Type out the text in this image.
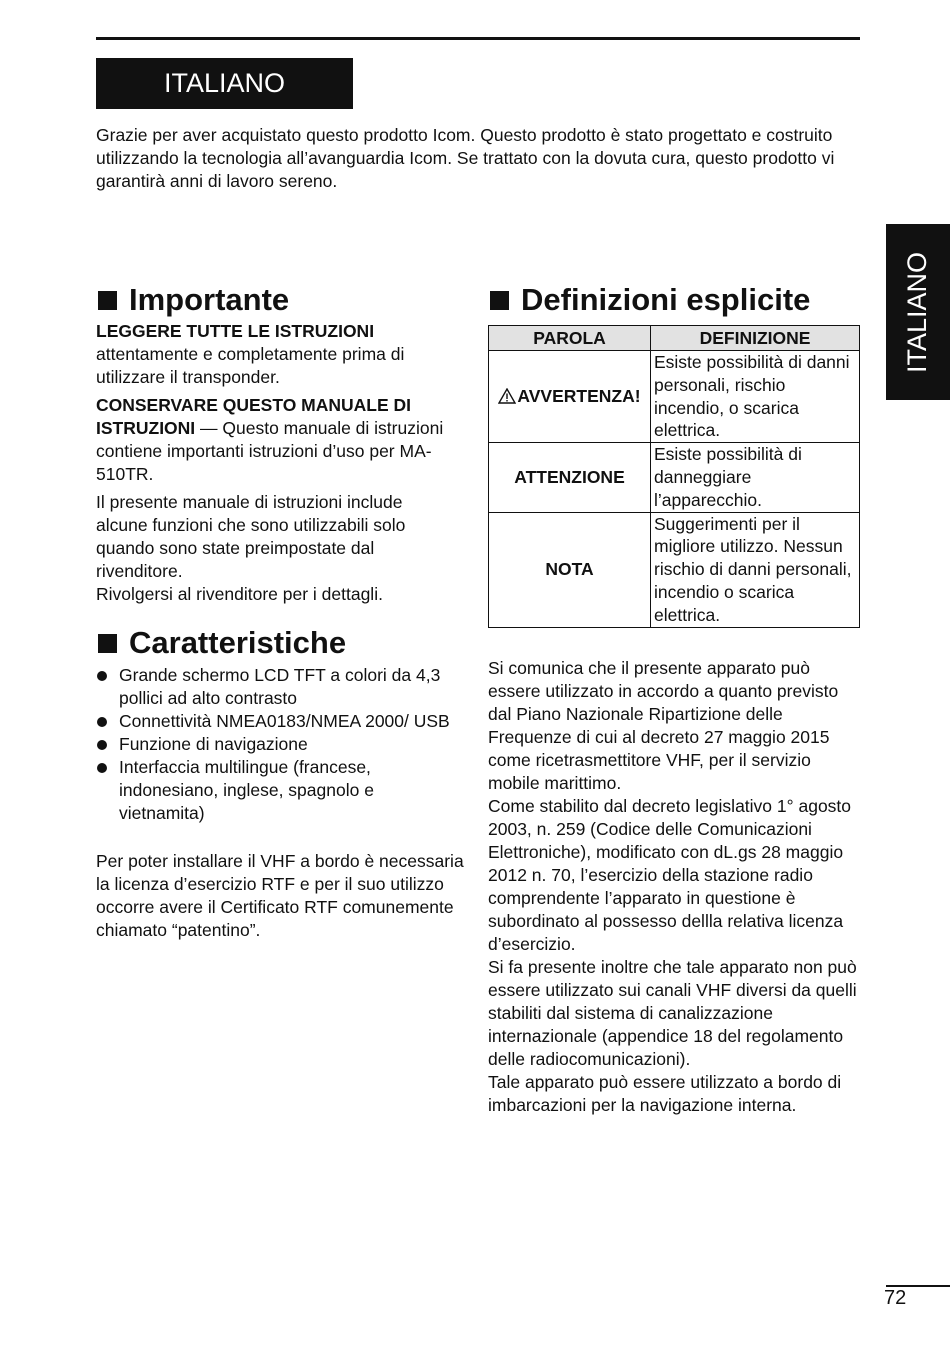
ITALIANO
ITALIANO

Grazie per aver acquistato questo prodotto Icom. Questo prodotto è stato progettato e costruito utilizzando la tecnologia all’avanguardia Icom. Se trattato con la dovuta cura, questo prodotto vi garantirà anni di lavoro sereno.

Importante

LEGGERE TUTTE LE ISTRUZIONI
attentamente e completamente prima di utilizzare il transponder.

CONSERVARE QUESTO MANUALE DI ISTRUZIONI — Questo manuale di istruzioni contiene importanti istruzioni d’uso per MA-510TR.

Il presente manuale di istruzioni include alcune funzioni che sono utilizzabili solo quando sono state preimpostate dal rivenditore.
Rivolgersi al rivenditore per i dettagli.

Caratteristiche
Grande schermo LCD TFT a colori da 4,3 pollici ad alto contrasto
Connettività NMEA0183/NMEA 2000/ USB
Funzione di navigazione
Interfaccia multilingue (francese, indonesiano, inglese, spagnolo e vietnamita)

Per poter installare il VHF a bordo è necessaria la licenza d’esercizio RTF e per il suo utilizzo occorre avere il Certificato RTF comunemente chiamato “patentino”.

Definizioni esplicite
PAROLA	DEFINIZIONE
AVVERTENZA!	Esiste possibilità di danni personali, rischio incendio, o scarica elettrica.
ATTENZIONE	Esiste possibilità di danneggiare l’apparecchio.
NOTA	Suggerimenti per il migliore utilizzo. Nessun rischio di danni personali, incendio o scarica elettrica.

Si comunica che il presente apparato può essere utilizzato in accordo a quanto previsto dal Piano Nazionale Ripartizione delle Frequenze di cui al decreto 27 maggio 2015 come ricetrasmettitore VHF, per il servizio mobile marittimo.

Come stabilito dal decreto legislativo 1° agosto 2003, n. 259 (Codice delle Comunicazioni Elettroniche), modificato con dL.gs 28 maggio 2012 n. 70, l’esercizio della stazione radio comprendente l’apparato in questione è subordinato al possesso dellla relativa licenza d’esercizio.

Si fa presente inoltre che tale apparato non può essere utilizzato sui canali VHF diversi da quelli stabiliti dal sistema di canalizzazione internazionale (appendice 18 del regolamento delle radiocomunicazioni).

Tale apparato può essere utilizzato a bordo di imbarcazioni per la navigazione interna.

72
